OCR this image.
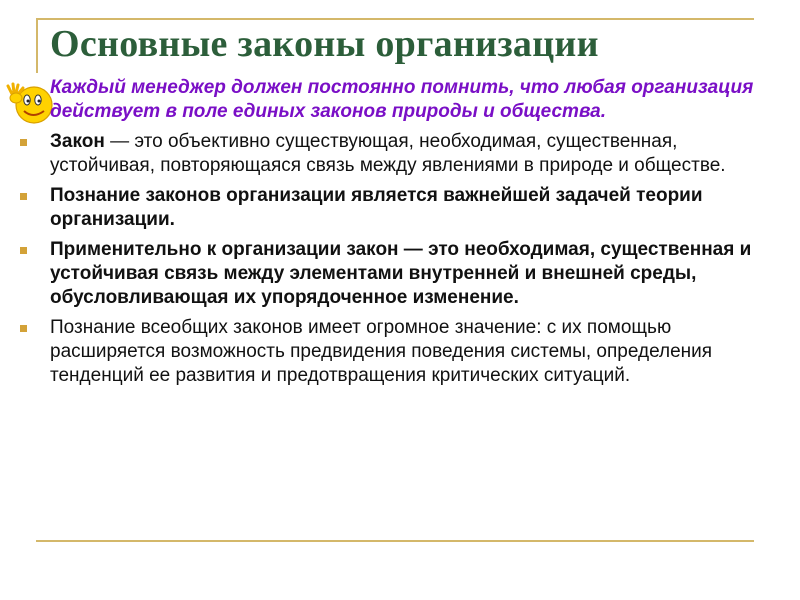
Основные законы организации
Каждый менеджер должен постоянно помнить, что любая организация действует в поле единых законов природы и общества.
Закон — это объективно существующая, необходимая, существенная, устойчивая, повторяющаяся связь между явлениями в природе и обществе.
Познание законов организации является важнейшей задачей теории организации.
Применительно к организации закон — это необходимая, существенная и устойчивая связь между элементами внутренней и внешней среды, обусловливающая их упорядоченное изменение.
Познание всеобщих законов имеет огромное значение: с их помощью расширяется возможность предвидения поведения системы, определения тенденций ее развития и предотвращения критических ситуаций.
